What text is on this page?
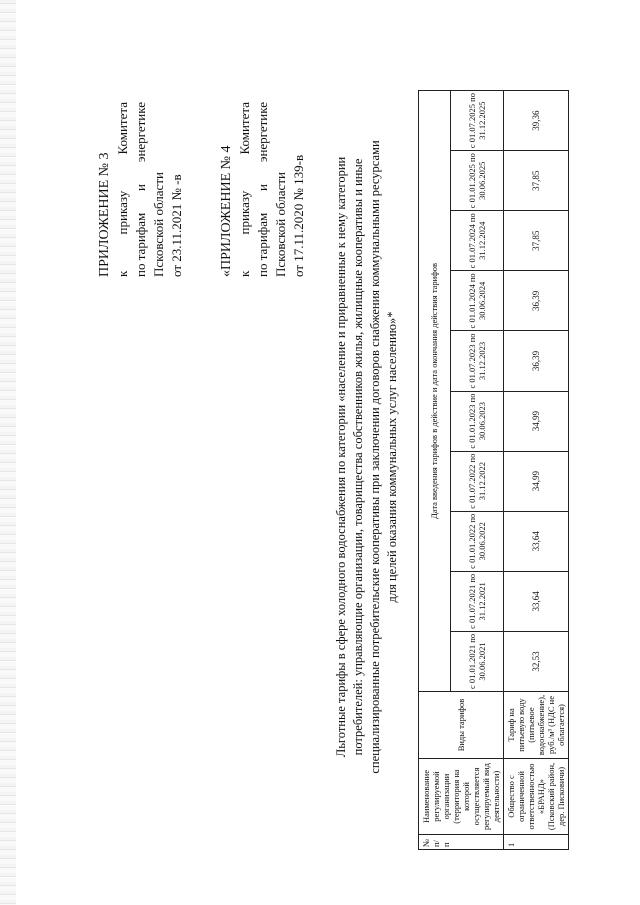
ПРИЛОЖЕНИЕ № 3 к
приказу
Комитета
по тарифам
и
энергетике
Псковской области от 23.11.2021 № -в	«ПРИЛОЖЕНИЕ № 4 к
приказу
Комитета
по тарифам
и
энергетике
Псковской области от 17.11.2020 № 139-в Льготные тарифы в сфере холодного водоснабжения по категории «население и приравненные к нему категории потребителей: управляющие организации, товарищества собственников жилья, жилищные кооперативы и иные специализированные потребительские кооперативы при заключении договоров снабжения коммунальными ресурсами для целей оказания коммунальных услуг населению»*
№ п/п	Наименование регулируемой организации (территория на которой осуществляется регулируемый вид деятельности)	Виды тарифов	Дата введения тарифов в действие и дата окончания действия тарифов									
			с 01.01.2021 по 30.06.2021	с 01.07.2021 по 31.12.2021	с 01.01.2022 по 30.06.2022	с 01.07.2022 по 31.12.2022	с 01.01.2023 по 30.06.2023	с 01.07.2023 по 31.12.2023	с 01.01.2024 по 30.06.2024	с 01.07.2024 по 31.12.2024	с 01.01.2025 по 30.06.2025	с 01.07.2025 по 31.12.2025
1	Общество с ограниченной ответственностью «БРАНД» (Псковский район, дер. Писковичи)	Тариф на питьевую воду (питьевое водоснабжение), руб./м³ (НДС не облагается)	32,53	33,64	33,64	34,99	34,99	36,39	36,39	37,85	37,85	39,36
